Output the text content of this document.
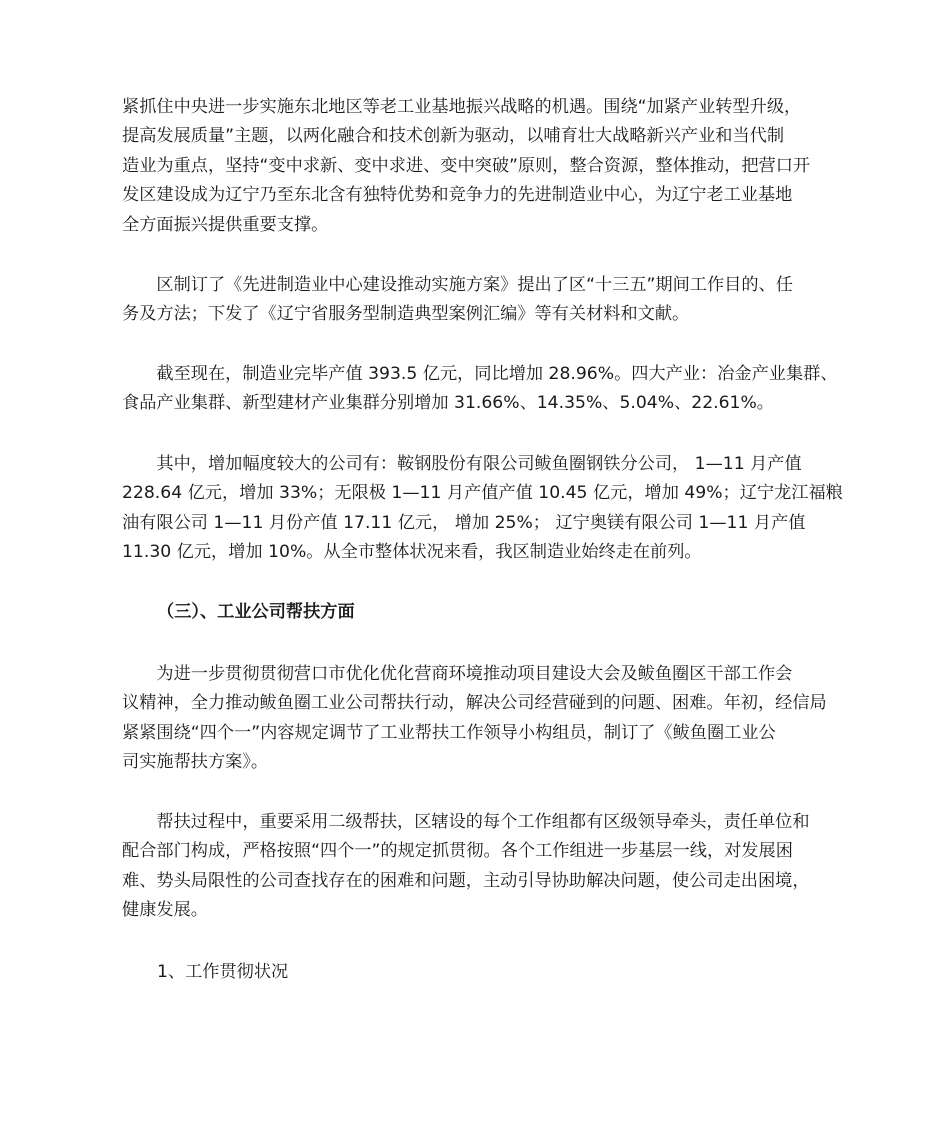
紧抓住中央进一步实施东北地区等老工业基地振兴战略的机遇。围绕“加紧产业转型升级，
提高发展质量”主题，以两化融合和技术创新为驱动，以哺育壮大战略新兴产业和当代制
造业为重点，坚持“变中求新、变中求进、变中突破”原则，整合资源，整体推动，把营口开
发区建设成为辽宁乃至东北含有独特优势和竞争力的先进制造业中心，为辽宁老工业基地
全方面振兴提供重要支撑。

　　区制订了《先进制造业中心建设推动实施方案》提出了区“十三五”期间工作目的、任
务及方法；下发了《辽宁省服务型制造典型案例汇编》等有关材料和文献。

　　截至现在，制造业完毕产值 393.5 亿元，同比增加 28.96%。四大产业：冶金产业集群、
食品产业集群、新型建材产业集群分别增加 31.66%、14.35%、5.04%、22.61%。

　　其中，增加幅度较大的公司有：鞍钢股份有限公司鲅鱼圈钢铁分公司， 1—11 月产值
228.64 亿元，增加 33%；无限极 1—11 月产值产值 10.45 亿元，增加 49%；辽宁龙江福粮
油有限公司 1—11 月份产值 17.11 亿元， 增加 25%； 辽宁奥镁有限公司 1—11 月产值
11.30 亿元，增加 10%。从全市整体状况来看，我区制造业始终走在前列。

（三）、工业公司帮扶方面

　　为进一步贯彻贯彻营口市优化优化营商环境推动项目建设大会及鲅鱼圈区干部工作会
议精神，全力推动鲅鱼圈工业公司帮扶行动，解决公司经营碰到的问题、困难。年初，经信局
紧紧围绕“四个一”内容规定调节了工业帮扶工作领导小构组员，制订了《鲅鱼圈工业公
司实施帮扶方案》。

　　帮扶过程中，重要采用二级帮扶，区辖设的每个工作组都有区级领导牵头，责任单位和
配合部门构成，严格按照“四个一”的规定抓贯彻。各个工作组进一步基层一线，对发展困
难、势头局限性的公司查找存在的困难和问题，主动引导协助解决问题，使公司走出困境，
健康发展。

1、工作贯彻状况
